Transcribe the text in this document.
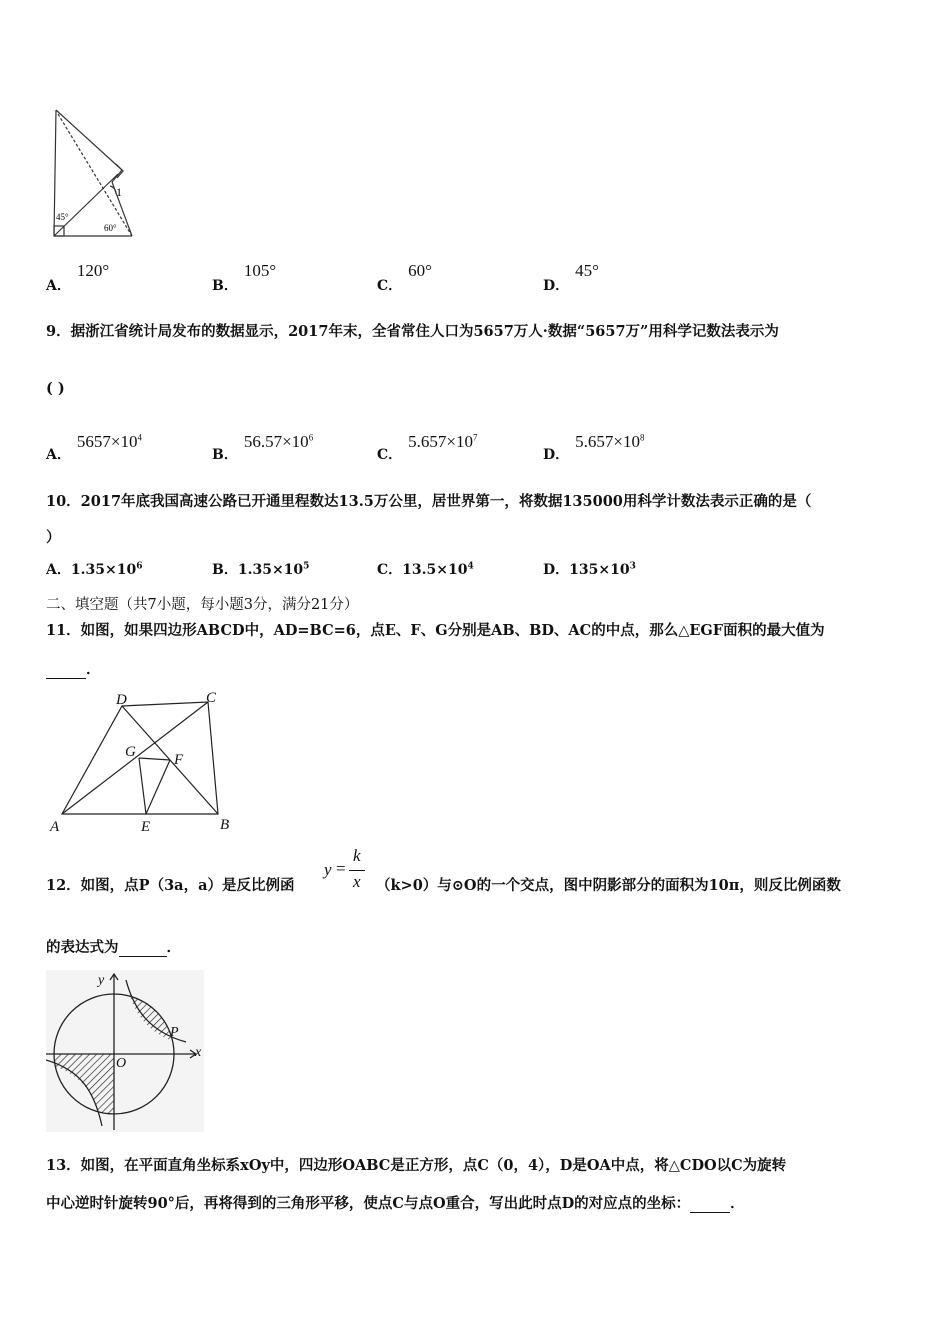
1
45°
60°
A．120°
B．105°
C．60°
D．45°
9．据浙江省统计局发布的数据显示，2017年末，全省常住人口为5657万人·数据“5657万”用科学记数法表示为
( )
A．$5657\times 10^4$
B．$56.57\times 10^6$
C．$5.657\times 10^7$
D．$5.657\times 10^8$
10．2017年底我国高速公路已开通里程数达13.5万公里，居世界第一，将数据135000用科学计数法表示正确的是（
）
A．$1.35\times 10^6$	B．$1.35\times 10^5$	C．$13.5\times 10^4$	D．$135\times 10^3$
二、填空题（共7小题，每小题3分，满分21分）
11．如图，如果四边形ABCD中，AD=BC=6，点E、F、G分别是AB、BD、AC的中点，那么△EGF面积的最大值为
．
A	B
C
D
E
F
G
12．如图，点P（3a，a）是反比例函
y =
k
x （k>0）与⊙O的一个交点，图中阴影部分的面积为10π，则反比例函数
的表达式为	．
y
x
O
P
13．如图，在平面直角坐标系xOy中，四边形OABC是正方形，点C（0，4），D是OA中点，将△CDO以C为旋转
中心逆时针旋转90°后，再将得到的三角形平移，使点C与点O重合，写出此时点D的对应点的坐标：	．
